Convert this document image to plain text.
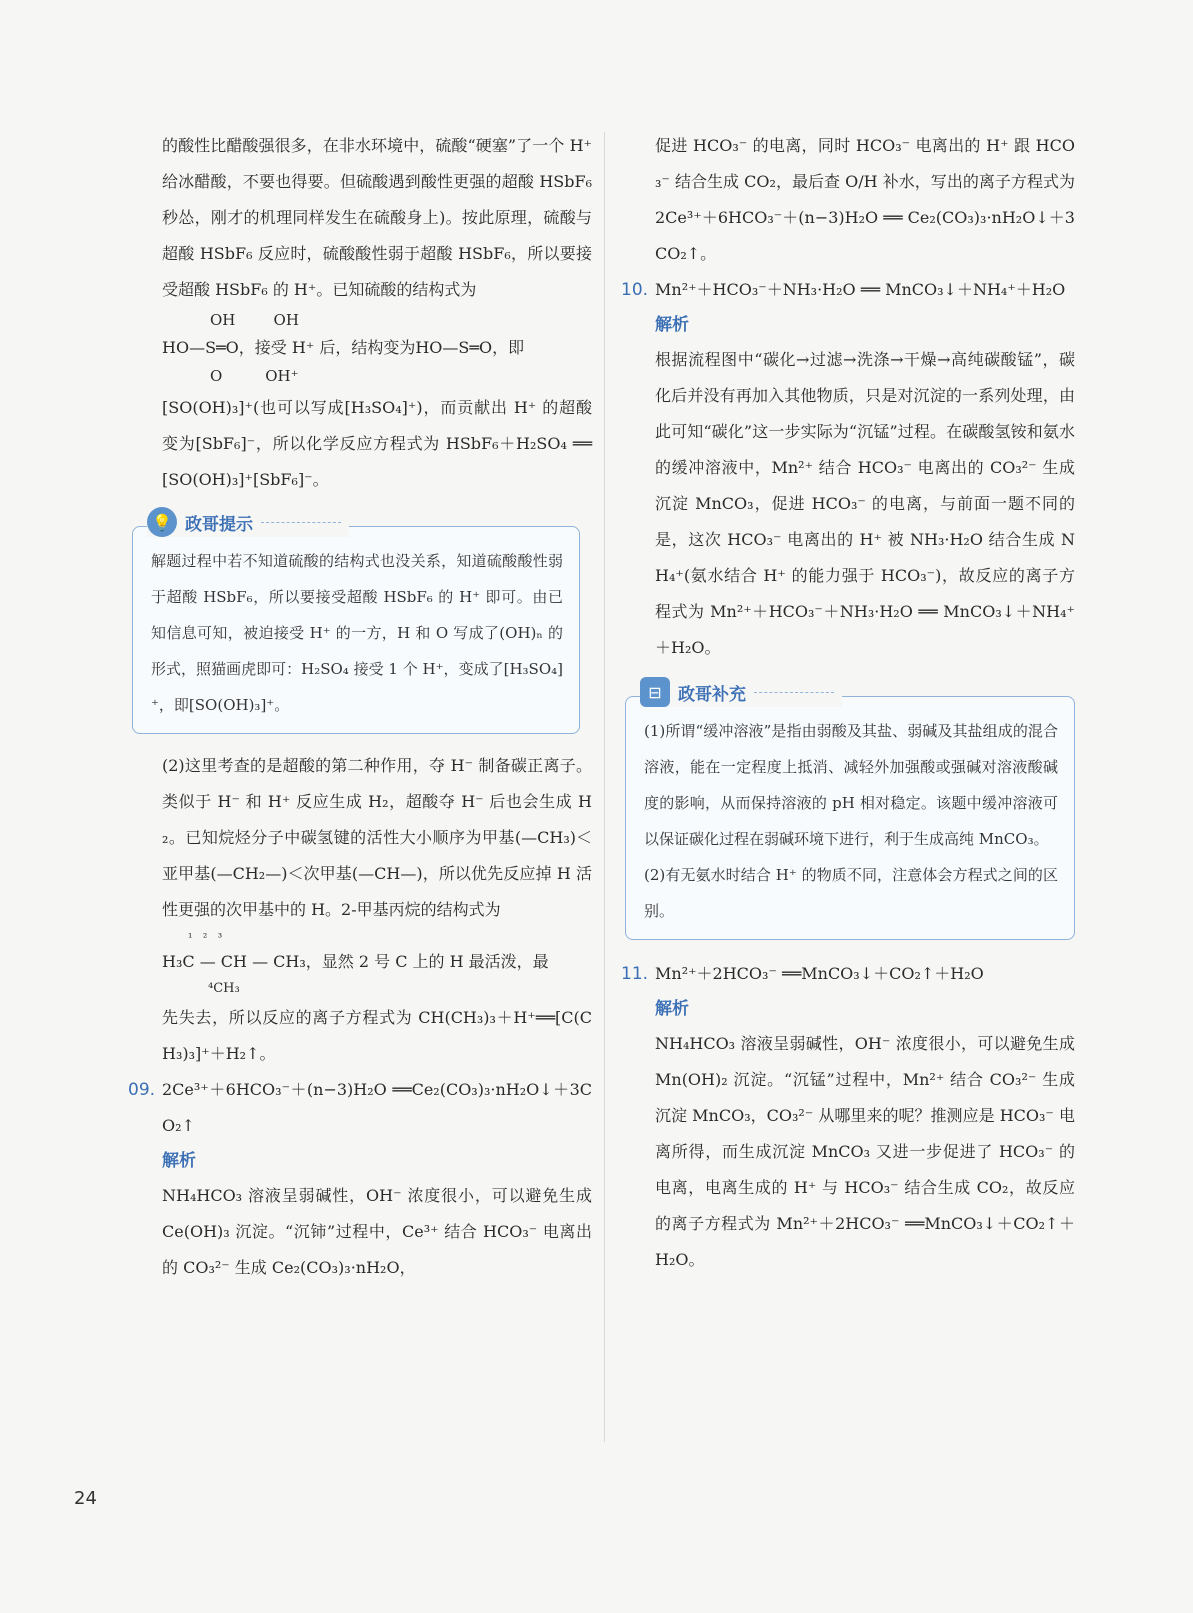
的酸性比醋酸强很多，在非水环境中，硫酸“硬塞”了一个 H⁺ 给冰醋酸，不要也得要。但硫酸遇到酸性更强的超酸 HSbF₆ 秒怂，刚才的机理同样发生在硫酸身上)。按此原理，硫酸与超酸 HSbF₆ 反应时，硫酸酸性弱于超酸 HSbF₆，所以要接受超酸 HSbF₆ 的 H⁺。已知硫酸的结构式为

OH        OH

HO—S═O，接受 H⁺ 后，结构变为HO—S═O，即

O         OH⁺

[SO(OH)₃]⁺(也可以写成[H₃SO₄]⁺)，而贡献出 H⁺ 的超酸变为[SbF₆]⁻，所以化学反应方程式为 HSbF₆＋H₂SO₄ ══[SO(OH)₃]⁺[SbF₆]⁻。

💡 政哥提示

解题过程中若不知道硫酸的结构式也没关系，知道硫酸酸性弱于超酸 HSbF₆，所以要接受超酸 HSbF₆ 的 H⁺ 即可。由已知信息可知，被迫接受 H⁺ 的一方，H 和 O 写成了(OH)ₙ 的形式，照猫画虎即可：H₂SO₄ 接受 1 个 H⁺，变成了[H₃SO₄]⁺，即[SO(OH)₃]⁺。

(2)这里考查的是超酸的第二种作用，夺 H⁻ 制备碳正离子。类似于 H⁻ 和 H⁺ 反应生成 H₂，超酸夺 H⁻ 后也会生成 H₂。已知烷烃分子中碳氢键的活性大小顺序为甲基(—CH₃)＜亚甲基(—CH₂—)＜次甲基(—CH—)，所以优先反应掉 H 活性更强的次甲基中的 H。2-甲基丙烷的结构式为

¹   ²   ³

H₃C — CH — CH₃，显然 2 号 C 上的 H 最活泼，最

⁴CH₃

先失去，所以反应的离子方程式为 CH(CH₃)₃＋H⁺══[C(CH₃)₃]⁺＋H₂↑。

09. 2Ce³⁺＋6HCO₃⁻＋(n−3)H₂O ══Ce₂(CO₃)₃·nH₂O↓＋3CO₂↑

解析

NH₄HCO₃ 溶液呈弱碱性，OH⁻ 浓度很小，可以避免生成 Ce(OH)₃ 沉淀。“沉铈”过程中，Ce³⁺ 结合 HCO₃⁻ 电离出的 CO₃²⁻ 生成 Ce₂(CO₃)₃·nH₂O，

促进 HCO₃⁻ 的电离，同时 HCO₃⁻ 电离出的 H⁺ 跟 HCO₃⁻ 结合生成 CO₂，最后查 O/H 补水，写出的离子方程式为 2Ce³⁺＋6HCO₃⁻＋(n−3)H₂O ══ Ce₂(CO₃)₃·nH₂O↓＋3CO₂↑。

10. Mn²⁺＋HCO₃⁻＋NH₃·H₂O ══ MnCO₃↓＋NH₄⁺＋H₂O

解析

根据流程图中“碳化→过滤→洗涤→干燥→高纯碳酸锰”，碳化后并没有再加入其他物质，只是对沉淀的一系列处理，由此可知“碳化”这一步实际为“沉锰”过程。在碳酸氢铵和氨水的缓冲溶液中，Mn²⁺ 结合 HCO₃⁻ 电离出的 CO₃²⁻ 生成沉淀 MnCO₃，促进 HCO₃⁻ 的电离，与前面一题不同的是，这次 HCO₃⁻ 电离出的 H⁺ 被 NH₃·H₂O 结合生成 NH₄⁺(氨水结合 H⁺ 的能力强于 HCO₃⁻)，故反应的离子方程式为 Mn²⁺＋HCO₃⁻＋NH₃·H₂O ══ MnCO₃↓＋NH₄⁺＋H₂O。

⊟ 政哥补充

(1)所谓“缓冲溶液”是指由弱酸及其盐、弱碱及其盐组成的混合溶液，能在一定程度上抵消、减轻外加强酸或强碱对溶液酸碱度的影响，从而保持溶液的 pH 相对稳定。该题中缓冲溶液可以保证碳化过程在弱碱环境下进行，利于生成高纯 MnCO₃。

(2)有无氨水时结合 H⁺ 的物质不同，注意体会方程式之间的区别。

11. Mn²⁺＋2HCO₃⁻ ══MnCO₃↓＋CO₂↑＋H₂O

解析

NH₄HCO₃ 溶液呈弱碱性，OH⁻ 浓度很小，可以避免生成 Mn(OH)₂ 沉淀。“沉锰”过程中，Mn²⁺ 结合 CO₃²⁻ 生成沉淀 MnCO₃，CO₃²⁻ 从哪里来的呢？推测应是 HCO₃⁻ 电离所得，而生成沉淀 MnCO₃ 又进一步促进了 HCO₃⁻ 的电离，电离生成的 H⁺ 与 HCO₃⁻ 结合生成 CO₂，故反应的离子方程式为 Mn²⁺＋2HCO₃⁻ ══MnCO₃↓＋CO₂↑＋H₂O。

24
